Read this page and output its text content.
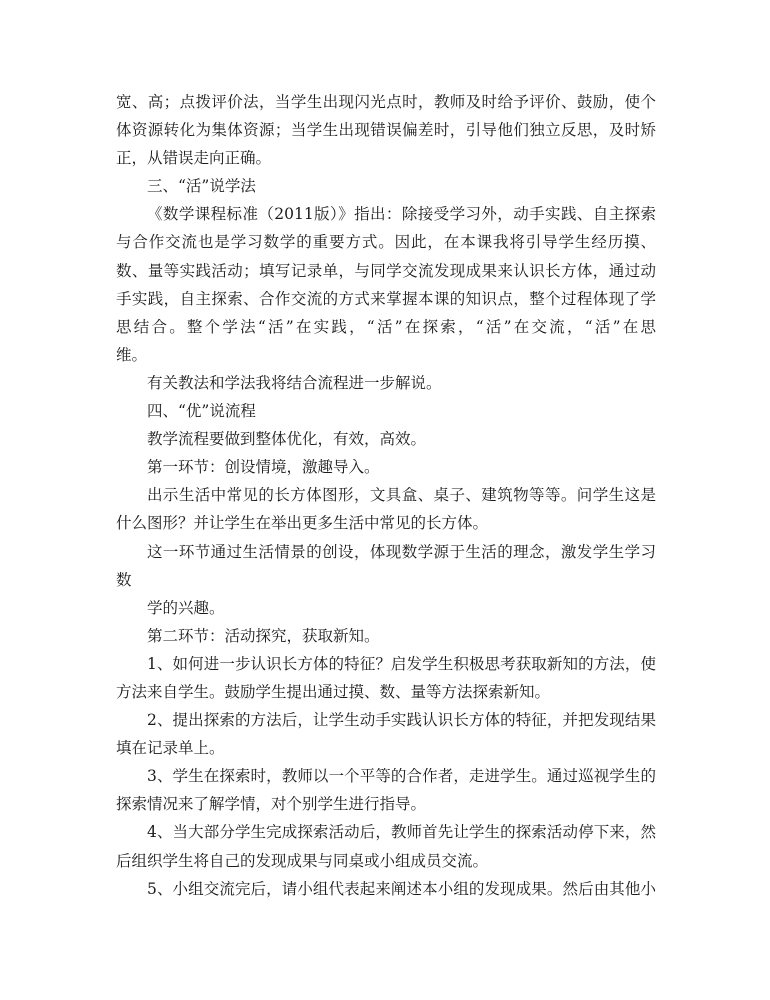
宽、高；点拨评价法，当学生出现闪光点时，教师及时给予评价、鼓励，使个
体资源转化为集体资源；当学生出现错误偏差时，引导他们独立反思，及时矫
正，从错误走向正确。
三、“活”说学法
《数学课程标准（2011版）》指出：除接受学习外，动手实践、自主探索
与合作交流也是学习数学的重要方式。因此，在本课我将引导学生经历摸、
数、量等实践活动；填写记录单，与同学交流发现成果来认识长方体，通过动
手实践，自主探索、合作交流的方式来掌握本课的知识点，整个过程体现了学
思结合。整个学法“活”在实践，“活”在探索，“活”在交流，“活”在思
维。
有关教法和学法我将结合流程进一步解说。
四、“优”说流程
教学流程要做到整体优化，有效，高效。
第一环节：创设情境，激趣导入。
出示生活中常见的长方体图形，文具盒、桌子、建筑物等等。问学生这是
什么图形？并让学生在举出更多生活中常见的长方体。
这一环节通过生活情景的创设，体现数学源于生活的理念，激发学生学习
数
学的兴趣。
第二环节：活动探究，获取新知。
1、如何进一步认识长方体的特征？启发学生积极思考获取新知的方法，使
方法来自学生。鼓励学生提出通过摸、数、量等方法探索新知。
2、提出探索的方法后，让学生动手实践认识长方体的特征，并把发现结果
填在记录单上。
3、学生在探索时，教师以一个平等的合作者，走进学生。通过巡视学生的
探索情况来了解学情，对个别学生进行指导。
4、当大部分学生完成探索活动后，教师首先让学生的探索活动停下来，然
后组织学生将自己的发现成果与同桌或小组成员交流。
5、小组交流完后，请小组代表起来阐述本小组的发现成果。然后由其他小
